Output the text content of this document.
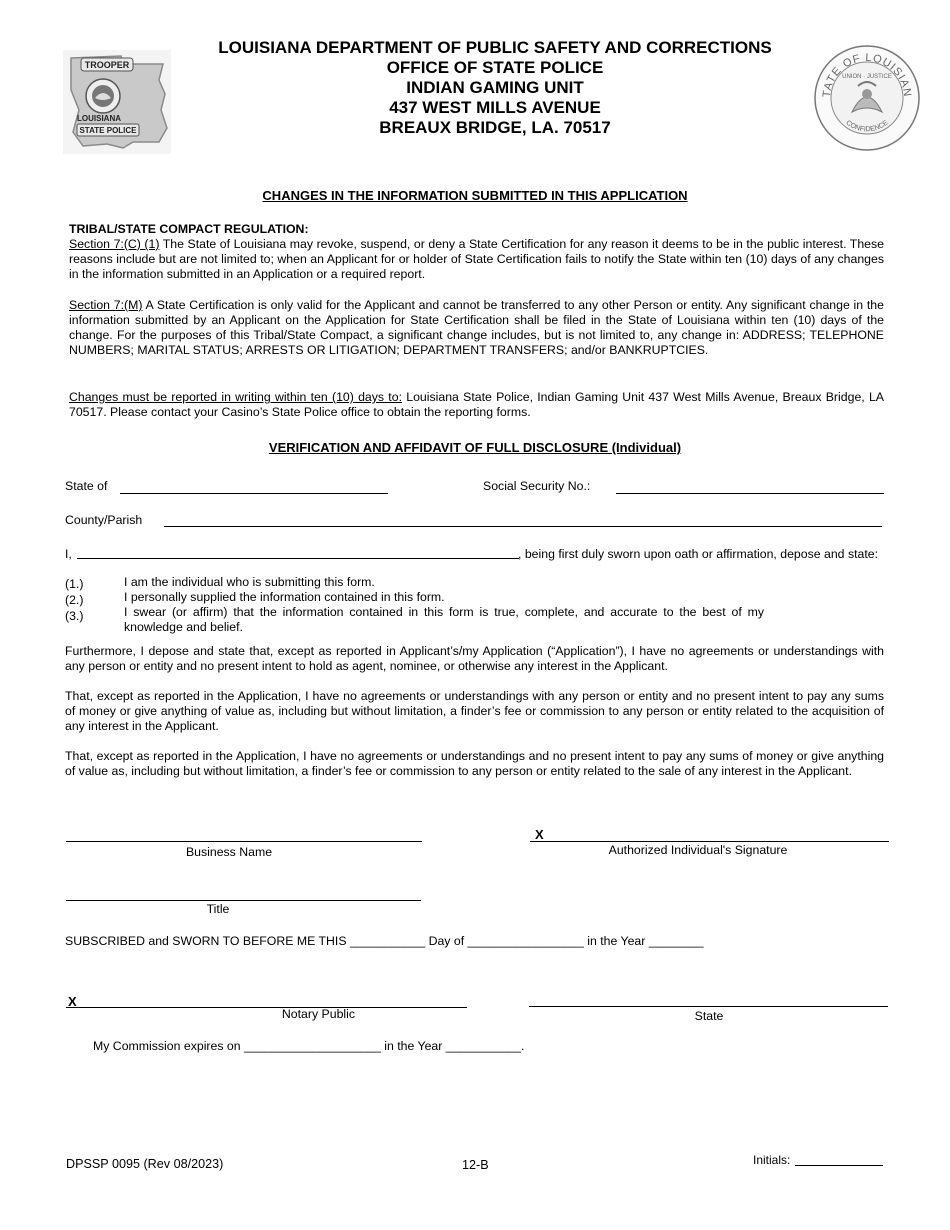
TROOPER
LOUISIANA
STATE POLICE
TATE OF LOUISIAN
UNION · JUSTICE
CONFIDENCE
LOUISIANA DEPARTMENT OF PUBLIC SAFETY AND CORRECTIONS
OFFICE OF STATE POLICE
INDIAN GAMING UNIT
437 WEST MILLS AVENUE
BREAUX BRIDGE, LA. 70517
CHANGES IN THE INFORMATION SUBMITTED IN THIS APPLICATION
TRIBAL/STATE COMPACT REGULATION:
Section 7:(C) (1) The State of Louisiana may revoke, suspend, or deny a State Certification for any reason it deems to be in the public interest. These reasons include but are not limited to; when an Applicant for or holder of State Certification fails to notify the State within ten (10) days of any changes in the information submitted in an Application or a required report.
Section 7:(M) A State Certification is only valid for the Applicant and cannot be transferred to any other Person or entity. Any significant change in the information submitted by an Applicant on the Application for State Certification shall be filed in the State of Louisiana within ten (10) days of the change. For the purposes of this Tribal/State Compact, a significant change includes, but is not limited to, any change in: ADDRESS; TELEPHONE NUMBERS; MARITAL STATUS; ARRESTS OR LITIGATION; DEPARTMENT TRANSFERS; and/or BANKRUPTCIES.
Changes must be reported in writing within ten (10) days to: Louisiana State Police, Indian Gaming Unit 437 West Mills Avenue, Breaux Bridge, LA 70517. Please contact your Casino’s State Police office to obtain the reporting forms.
VERIFICATION AND AFFIDAVIT OF FULL DISCLOSURE (Individual)
State of	Social Security No.:
County/Parish
I,	, being first duly sworn upon oath or affirmation, depose and state:
(1.)	I am the individual who is submitting this form.
(2.)	I personally supplied the information contained in this form.
(3.)	I swear (or affirm) that the information contained in this form is true, complete, and accurate to the best of my knowledge and belief.
Furthermore, I depose and state that, except as reported in Applicant’s/my Application (“Application”), I have no agreements or understandings with any person or entity and no present intent to hold as agent, nominee, or otherwise any interest in the Applicant.
That, except as reported in the Application, I have no agreements or understandings with any person or entity and no present intent to pay any sums of money or give anything of value as, including but without limitation, a finder’s fee or commission to any person or entity related to the acquisition of any interest in the Applicant.
That, except as reported in the Application, I have no agreements or understandings and no present intent to pay any sums of money or give anything of value as, including but without limitation, a finder’s fee or commission to any person or entity related to the sale of any interest in the Applicant.
Business Name
X
Authorized Individual's Signature
Title
SUBSCRIBED and SWORN TO BEFORE ME THIS ___________ Day of _________________ in the Year ________
X
Notary Public	State
My Commission expires on ____________________ in the Year ___________.
DPSSP 0095 (Rev 08/2023)	12-B	Initials:
